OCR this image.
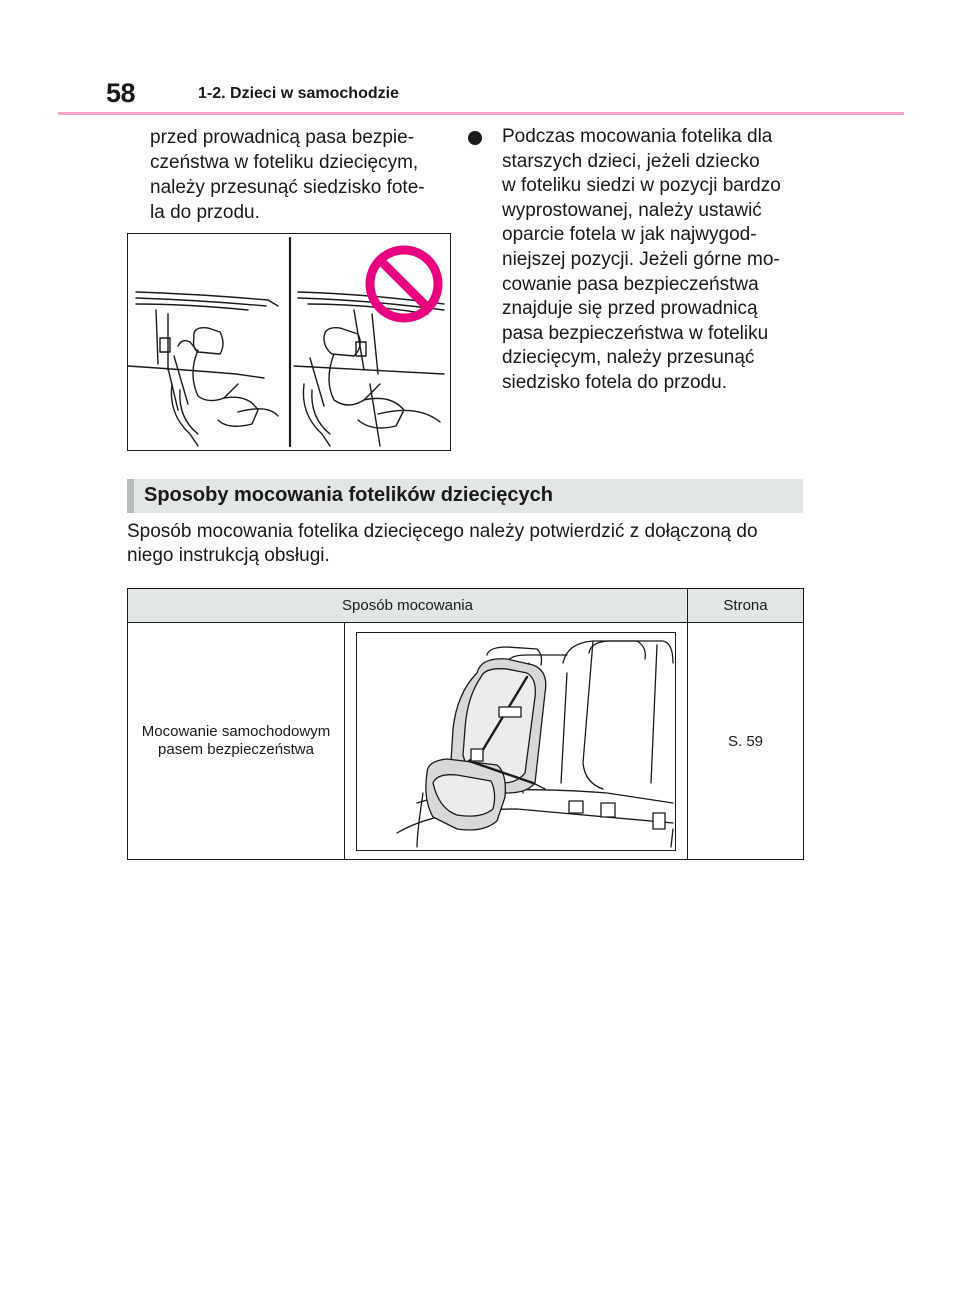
58	1-2. Dzieci w samochodzie

przed prowadnicą pasa bezpie-
czeństwa w foteliku dziecięcym,
należy przesunąć siedzisko fote-
la do przodu.

Podczas mocowania fotelika dla
starszych dzieci, jeżeli dziecko
w foteliku siedzi w pozycji bardzo
wyprostowanej, należy ustawić
oparcie fotela w jak najwygod-
niejszej pozycji. Jeżeli górne mo-
cowanie pasa bezpieczeństwa
znajduje się przed prowadnicą
pasa bezpieczeństwa w foteliku
dziecięcym, należy przesunąć
siedzisko fotela do przodu.

Sposoby mocowania fotelików dziecięcych

Sposób mocowania fotelika dziecięcego należy potwierdzić z dołączoną do
niego instrukcją obsługi.

Sposób mocowania		Strona

Mocowanie samochodowym pasem bezpieczeństwa		S. 59
